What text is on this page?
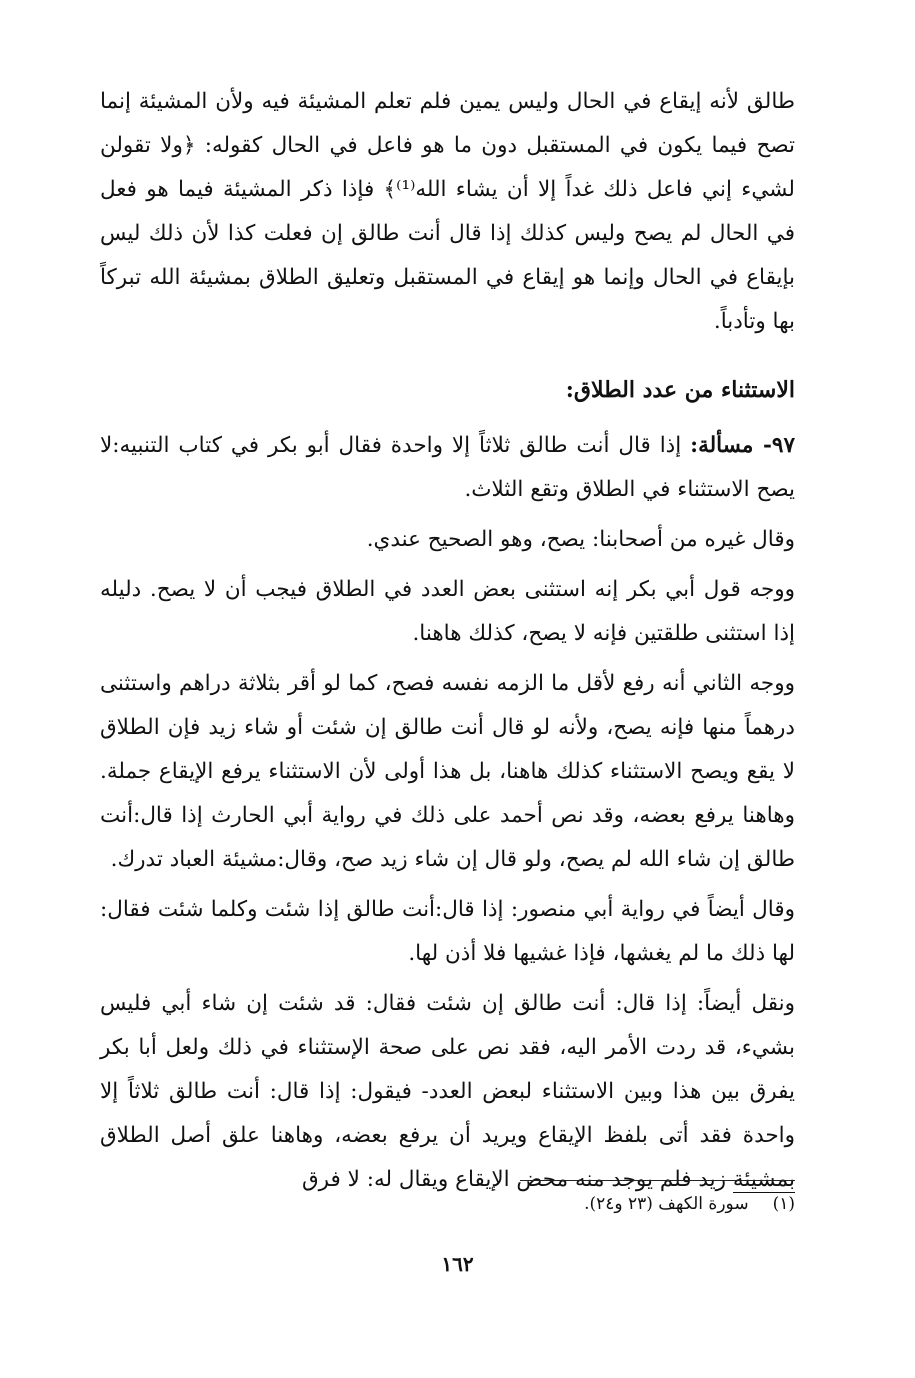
طالق لأنه إيقاع في الحال وليس يمين فلم تعلم المشيئة فيه ولأن المشيئة إنما تصح فيما يكون في المستقبل دون ما هو فاعل في الحال كقوله: ﴿ولا تقولن لشيء إني فاعل ذلك غداً إلا أن يشاء الله⁽¹⁾﴾ فإذا ذكر المشيئة فيما هو فعل في الحال لم يصح وليس كذلك إذا قال أنت طالق إن فعلت كذا لأن ذلك ليس بإيقاع في الحال وإنما هو إيقاع في المستقبل وتعليق الطلاق بمشيئة الله تبركاً بها وتأدباً.

الاستثناء من عدد الطلاق:

٩٧- مسألة: إذا قال أنت طالق ثلاثاً إلا واحدة فقال أبو بكر في كتاب التنبيه:لا يصح الاستثناء في الطلاق وتقع الثلاث.

وقال غيره من أصحابنا: يصح، وهو الصحيح عندي.

ووجه قول أبي بكر إنه استثنى بعض العدد في الطلاق فيجب أن لا يصح. دليله إذا استثنى طلقتين فإنه لا يصح، كذلك هاهنا.

ووجه الثاني أنه رفع لأقل ما الزمه نفسه فصح، كما لو أقر بثلاثة دراهم واستثنى درهماً منها فإنه يصح، ولأنه لو قال أنت طالق إن شئت أو شاء زيد فإن الطلاق لا يقع ويصح الاستثناء كذلك هاهنا، بل هذا أولى لأن الاستثناء يرفع الإيقاع جملة. وهاهنا يرفع بعضه، وقد نص أحمد على ذلك في رواية أبي الحارث إذا قال:أنت طالق إن شاء الله لم يصح، ولو قال إن شاء زيد صح، وقال:مشيئة العباد تدرك.

وقال أيضاً في رواية أبي منصور: إذا قال:أنت طالق إذا شئت وكلما شئت فقال: لها ذلك ما لم يغشها، فإذا غشيها فلا أذن لها.

ونقل أيضاً: إذا قال: أنت طالق إن شئت فقال: قد شئت إن شاء أبي فليس بشيء، قد ردت الأمر اليه، فقد نص على صحة الإستثناء في ذلك ولعل أبا بكر يفرق بين هذا وبين الاستثناء لبعض العدد- فيقول: إذا قال: أنت طالق ثلاثاً إلا واحدة فقد أتى بلفظ الإيقاع ويريد أن يرفع بعضه، وهاهنا علق أصل الطلاق بمشيئة زيد فلم يوجد منه محض الإيقاع ويقال له: لا فرق

(١)سورة الكهف (٢٣ و٢٤).
١٦٢
